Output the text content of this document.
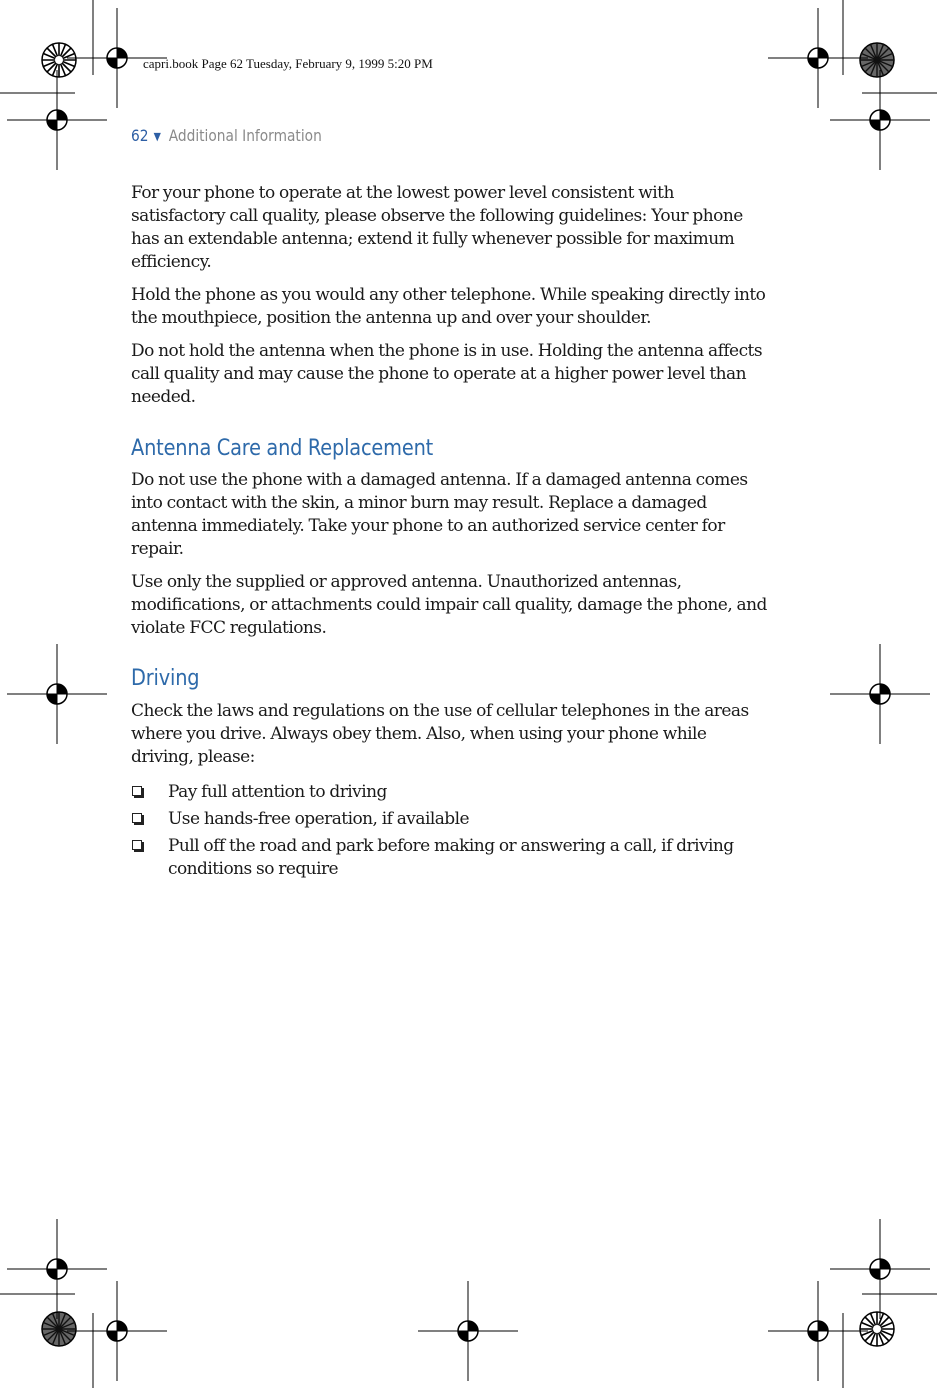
capri.book Page 62 Tuesday, February 9, 1999 5:20 PM
62 ▼ Additional Information

For your phone to operate at the lowest power level consistent with satisfactory call quality, please observe the following guidelines: Your phone has an extendable antenna; extend it fully whenever possible for maximum efficiency.

Hold the phone as you would any other telephone. While speaking directly into the mouthpiece, position the antenna up and over your shoulder.

Do not hold the antenna when the phone is in use. Holding the antenna affects call quality and may cause the phone to operate at a higher power level than needed.

Antenna Care and Replacement

Do not use the phone with a damaged antenna. If a damaged antenna comes into contact with the skin, a minor burn may result. Replace a damaged antenna immediately. Take your phone to an authorized service center for repair.

Use only the supplied or approved antenna. Unauthorized antennas, modifications, or attachments could impair call quality, damage the phone, and violate FCC regulations.

Driving

Check the laws and regulations on the use of cellular telephones in the areas where you drive. Always obey them. Also, when using your phone while driving, please:

Pay full attention to driving
Use hands-free operation, if available
Pull off the road and park before making or answering a call, if driving conditions so require
